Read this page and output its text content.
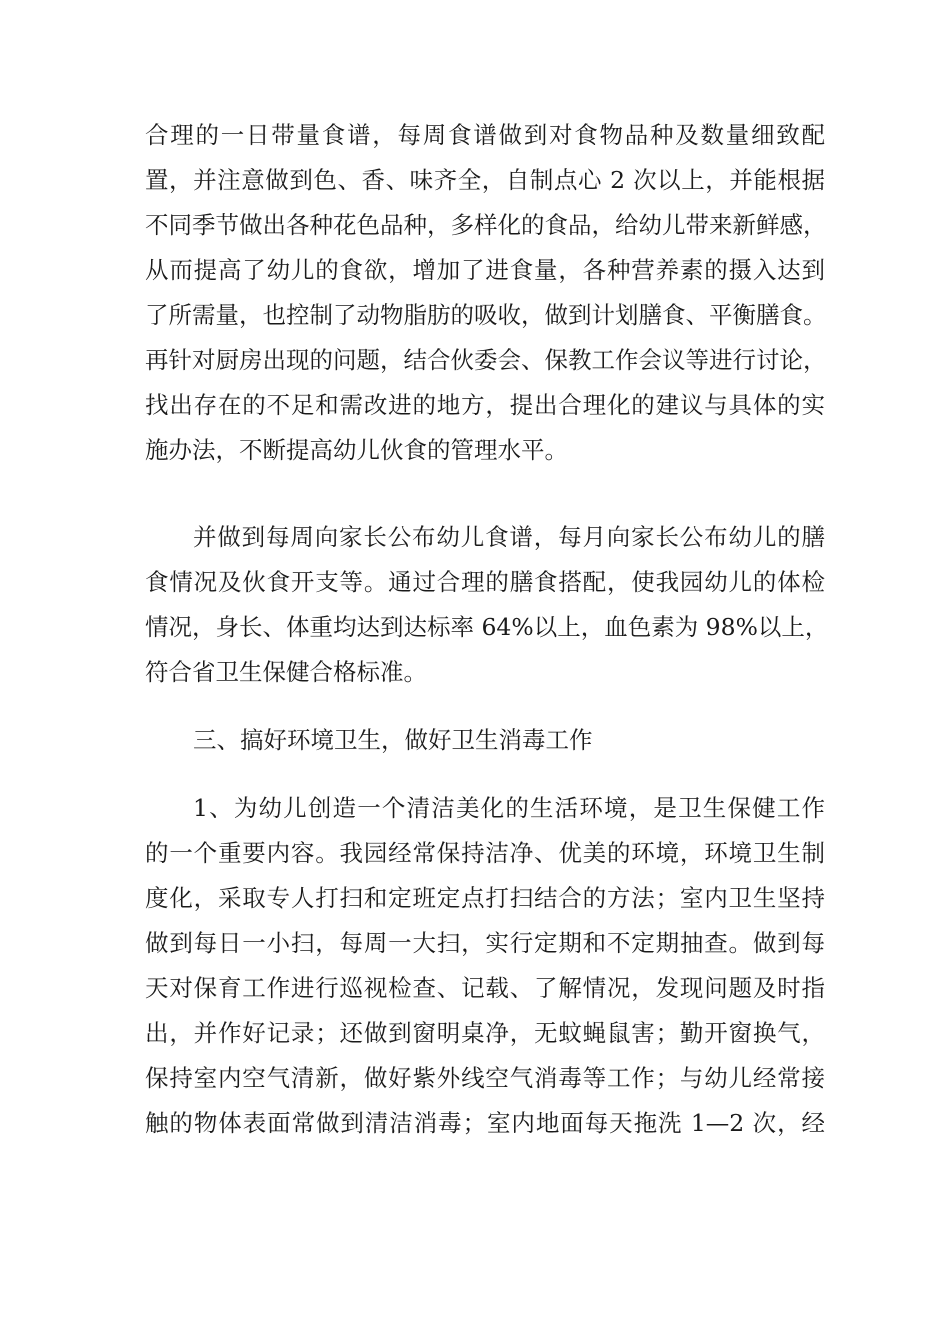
合理的一日带量食谱，每周食谱做到对食物品种及数量细致配
置，并注意做到色、香、味齐全，自制点心 2 次以上，并能根据
不同季节做出各种花色品种，多样化的食品，给幼儿带来新鲜感，
从而提高了幼儿的食欲，增加了进食量，各种营养素的摄入达到
了所需量，也控制了动物脂肪的吸收，做到计划膳食、平衡膳食。
再针对厨房出现的问题，结合伙委会、保教工作会议等进行讨论，
找出存在的不足和需改进的地方，提出合理化的建议与具体的实
施办法，不断提高幼儿伙食的管理水平。
并做到每周向家长公布幼儿食谱，每月向家长公布幼儿的膳
食情况及伙食开支等。通过合理的膳食搭配，使我园幼儿的体检
情况，身长、体重均达到达标率 64%以上，血色素为 98%以上，
符合省卫生保健合格标准。
三、搞好环境卫生，做好卫生消毒工作
1、为幼儿创造一个清洁美化的生活环境，是卫生保健工作
的一个重要内容。我园经常保持洁净、优美的环境，环境卫生制
度化，采取专人打扫和定班定点打扫结合的方法；室内卫生坚持
做到每日一小扫，每周一大扫，实行定期和不定期抽查。做到每
天对保育工作进行巡视检查、记载、了解情况，发现问题及时指
出，并作好记录；还做到窗明桌净，无蚊蝇鼠害；勤开窗换气，
保持室内空气清新，做好紫外线空气消毒等工作；与幼儿经常接
触的物体表面常做到清洁消毒；室内地面每天拖洗 1—2 次，经
